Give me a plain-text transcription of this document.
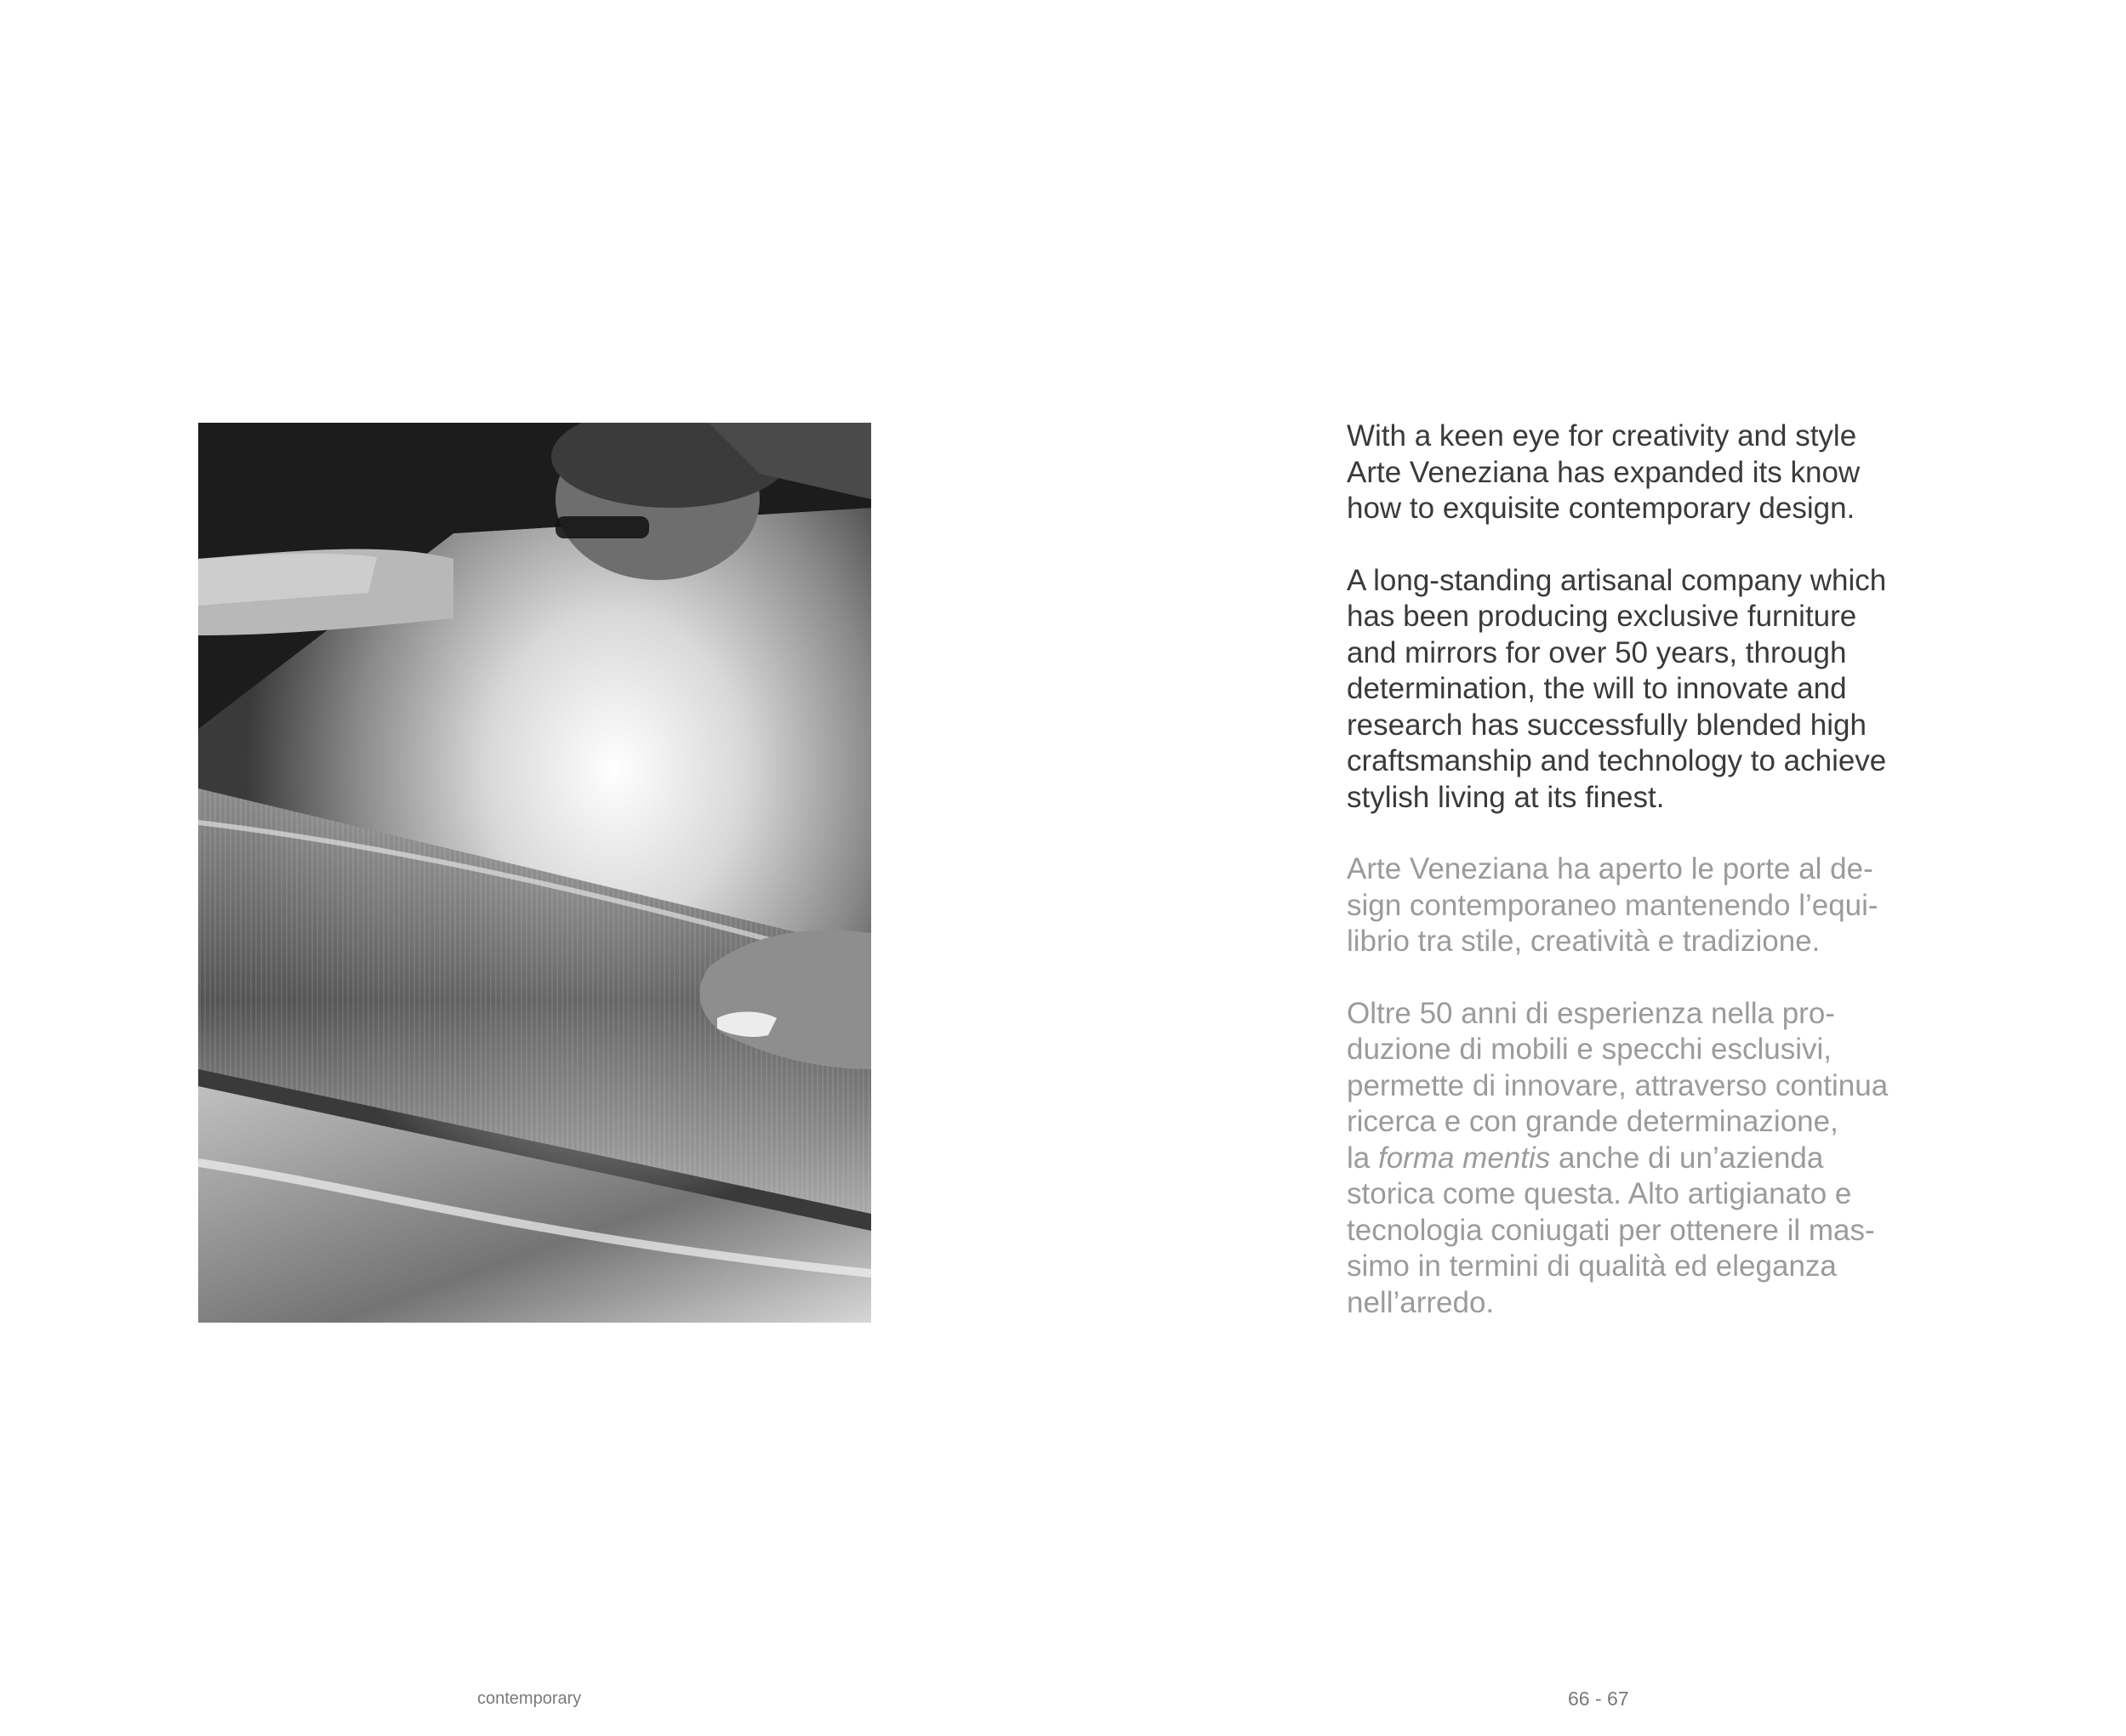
With a keen eye for creativity and style
Arte Veneziana has expanded its know
how to exquisite contemporary design.

A long-standing artisanal company which
has been producing exclusive furniture
and mirrors for over 50 years, through
determination, the will to innovate and
research has successfully blended high
craftsmanship and technology to achieve
stylish living at its finest.

Arte Veneziana ha aperto le porte al de-
sign contemporaneo mantenendo l’equi-
librio tra stile, creatività e tradizione.

Oltre 50 anni di esperienza nella pro-
duzione di mobili e specchi esclusivi,
permette di innovare, attraverso continua
ricerca e con grande determinazione,
la forma mentis anche di un’azienda
storica come questa. Alto artigianato e
tecnologia coniugati per ottenere il mas-
simo in termini di qualità ed eleganza
nell’arredo.

contemporary	66 - 67
